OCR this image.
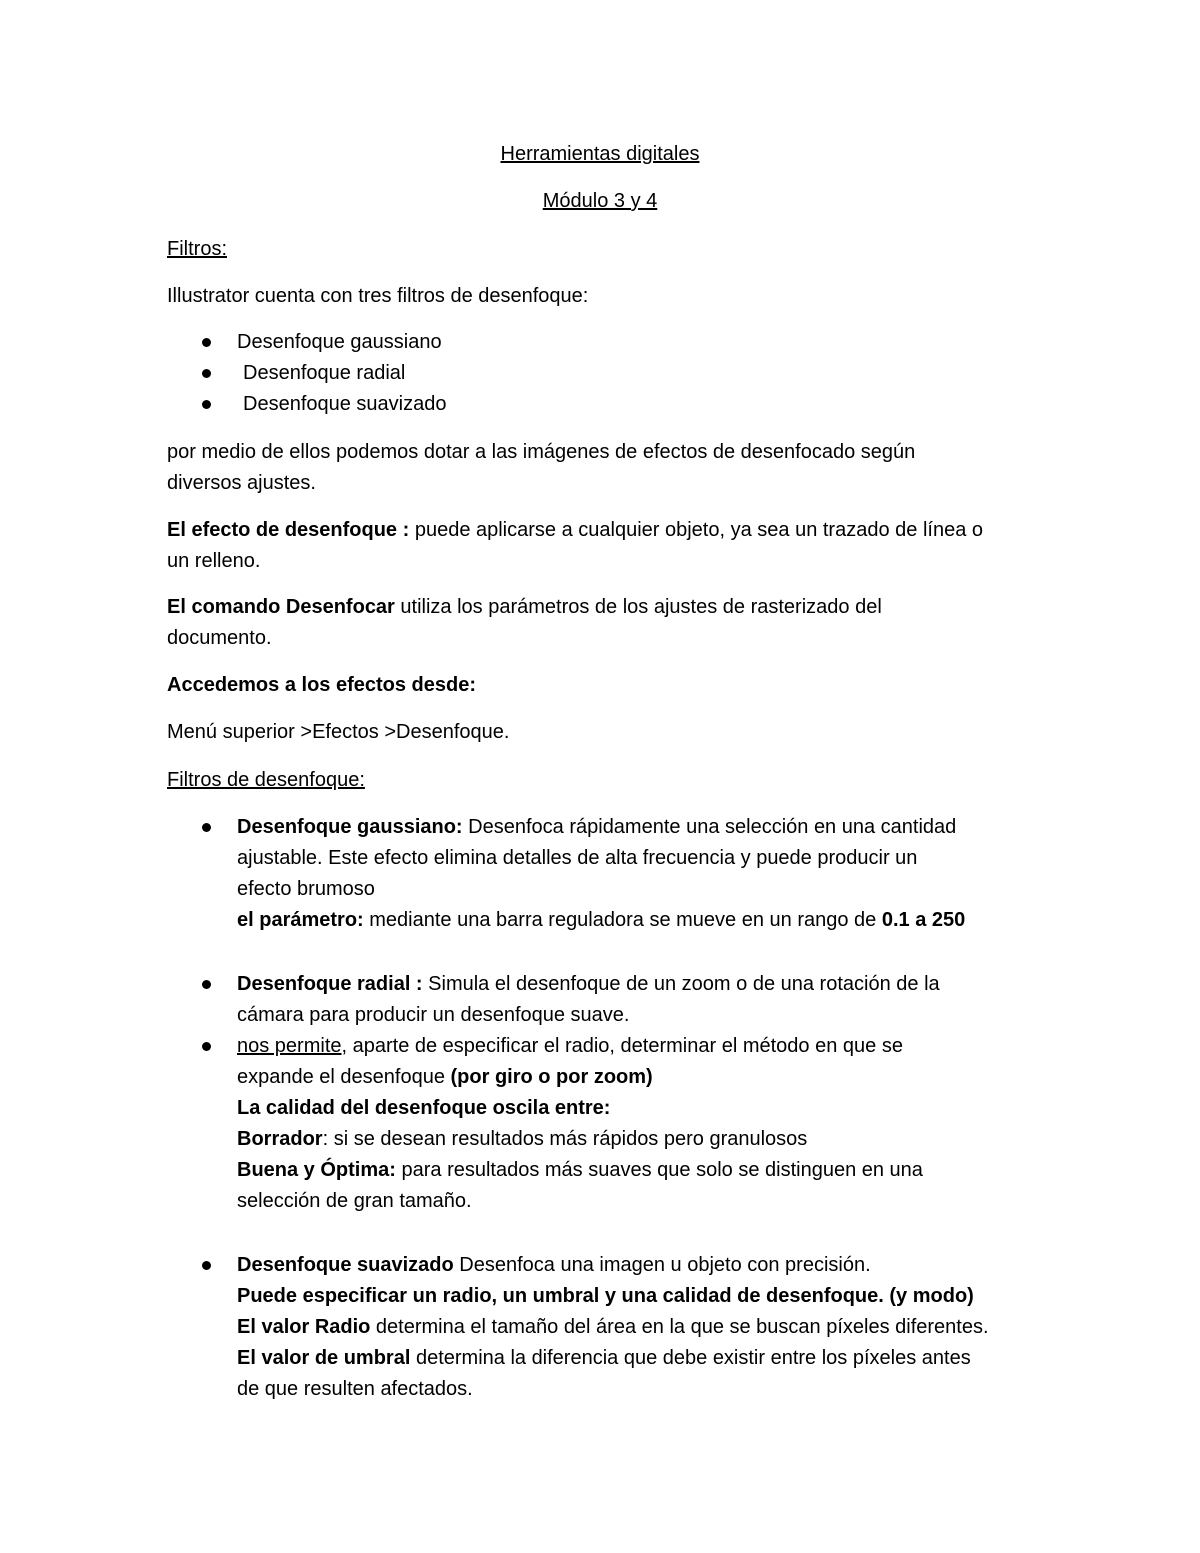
Herramientas digitales
Módulo 3 y 4
Filtros:
Illustrator cuenta con tres filtros de desenfoque:
Desenfoque gaussiano
Desenfoque radial
Desenfoque suavizado
por medio de ellos podemos dotar a las imágenes de efectos de desenfocado según
diversos ajustes.
El efecto de desenfoque : puede aplicarse a cualquier objeto, ya sea un trazado de línea o
un relleno.
El comando Desenfocar utiliza los parámetros de los ajustes de rasterizado del
documento.
Accedemos a los efectos desde:
Menú superior >Efectos >Desenfoque.
Filtros de desenfoque:
Desenfoque gaussiano: Desenfoca rápidamente una selección en una cantidad
ajustable. Este efecto elimina detalles de alta frecuencia y puede producir un
efecto brumoso
el parámetro: mediante una barra reguladora se mueve en un rango de 0.1 a 250
Desenfoque radial : Simula el desenfoque de un zoom o de una rotación de la
cámara para producir un desenfoque suave.
nos permite, aparte de especificar el radio, determinar el método en que se
expande el desenfoque (por giro o por zoom)
La calidad del desenfoque oscila entre:
Borrador: si se desean resultados más rápidos pero granulosos
Buena y Óptima: para resultados más suaves que solo se distinguen en una
selección de gran tamaño.
Desenfoque suavizado Desenfoca una imagen u objeto con precisión.
Puede especificar un radio, un umbral y una calidad de desenfoque. (y modo)
El valor Radio determina el tamaño del área en la que se buscan píxeles diferentes.
El valor de umbral determina la diferencia que debe existir entre los píxeles antes
de que resulten afectados.
